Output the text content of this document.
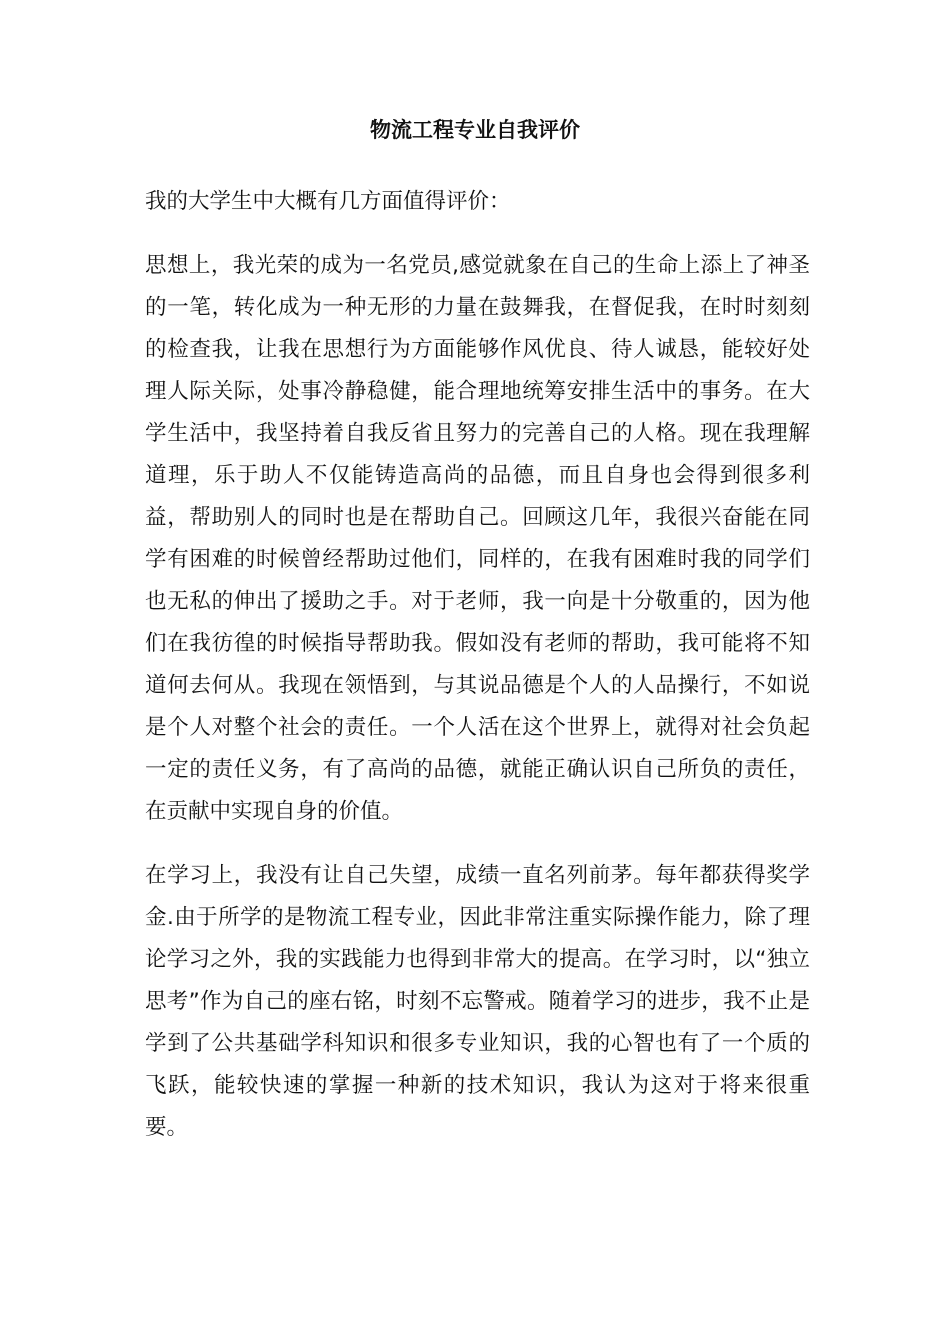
物流工程专业自我评价

我的大学生中大概有几方面值得评价：

思想上，我光荣的成为一名党员,感觉就象在自己的生命上添上了神圣的一笔，转化成为一种无形的力量在鼓舞我，在督促我，在时时刻刻的检查我，让我在思想行为方面能够作风优良、待人诚恳，能较好处理人际关际，处事冷静稳健，能合理地统筹安排生活中的事务。在大学生活中，我坚持着自我反省且努力的完善自己的人格。现在我理解道理，乐于助人不仅能铸造高尚的品德，而且自身也会得到很多利益，帮助别人的同时也是在帮助自己。回顾这几年，我很兴奋能在同学有困难的时候曾经帮助过他们，同样的，在我有困难时我的同学们也无私的伸出了援助之手。对于老师，我一向是十分敬重的，因为他们在我彷徨的时候指导帮助我。假如没有老师的帮助，我可能将不知道何去何从。我现在领悟到，与其说品德是个人的人品操行，不如说是个人对整个社会的责任。一个人活在这个世界上，就得对社会负起一定的责任义务，有了高尚的品德，就能正确认识自己所负的责任，在贡献中实现自身的价值。

在学习上，我没有让自己失望，成绩一直名列前茅。每年都获得奖学金.由于所学的是物流工程专业，因此非常注重实际操作能力，除了理论学习之外，我的实践能力也得到非常大的提高。在学习时，以“独立思考”作为自己的座右铭，时刻不忘警戒。随着学习的进步，我不止是学到了公共基础学科知识和很多专业知识，我的心智也有了一个质的飞跃，能较快速的掌握一种新的技术知识，我认为这对于将来很重要。
